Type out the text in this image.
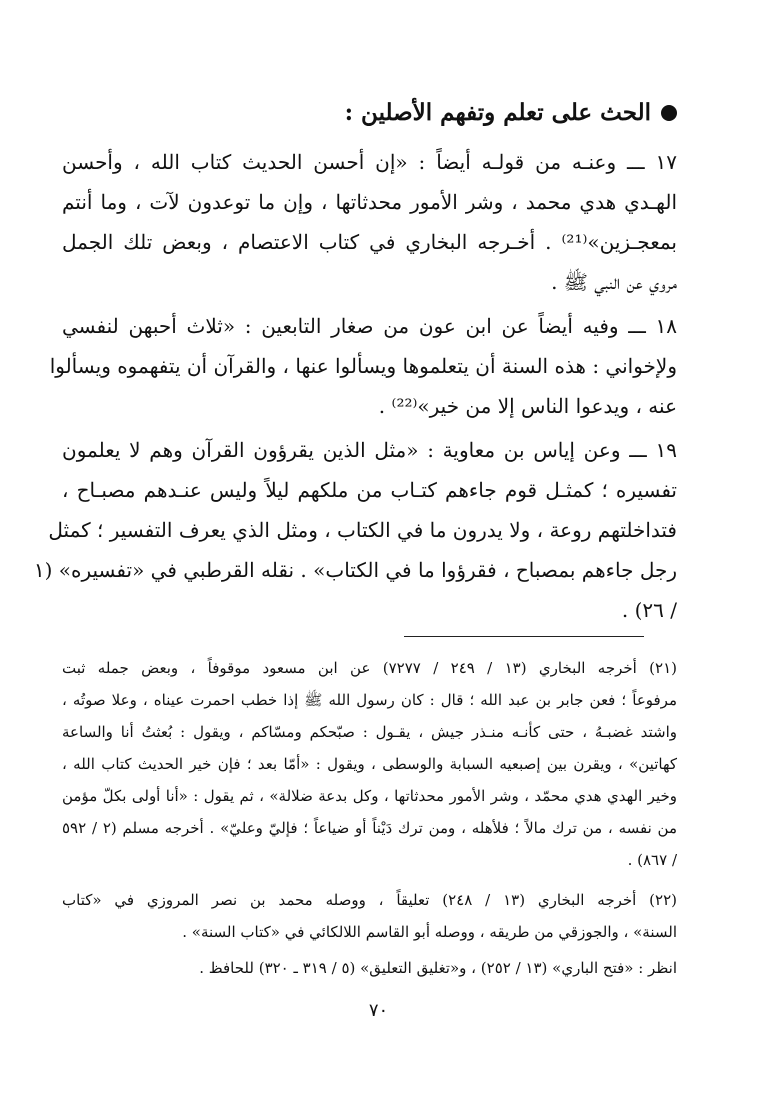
الحث على تعلم وتفهم الأصلين :
١٧ ـــ وعنـه من قولـه أيضاً : «إن أحسن الحديث كتاب الله ، وأحسن
الهـدي هدي محمد ، وشر الأمور محدثاتها ، وإن ما توعدون لآت ، وما أنتم
بمعجـزين»⁽²¹⁾ . أخـرجه البخاري في كتاب الاعتصام ، وبعض تلك الجمل
مروي عن النبي ﷺ .
١٨ ـــ وفيه أيضاً عن ابن عون من صغار التابعين : «ثلاث أحبهن لنفسي
ولإخواني : هذه السنة أن يتعلموها ويسألوا عنها ، والقرآن أن يتفهموه ويسألوا
عنه ، ويدعوا الناس إلا من خير»⁽²²⁾ .
١٩ ـــ وعن إياس بن معاوية : «مثل الذين يقرؤون القرآن وهم لا يعلمون
تفسيره ؛ كمثـل قوم جاءهم كتـاب من ملكهم ليلاً وليس عنـدهم مصبـاح ،
فتداخلتهم روعة ، ولا يدرون ما في الكتاب ، ومثل الذي يعرف التفسير ؛ كمثل
رجل جاءهم بمصباح ، فقرؤوا ما في الكتاب» . نقله القرطبي في «تفسيره» (١
/ ٢٦) .
(٢١) أخرجه البخاري (١٣ / ٢٤٩ / ٧٢٧٧) عن ابن مسعود موقوفاً ، وبعض جمله ثبت
مرفوعاً ؛ فعن جابر بن عبد الله ؛ قال : كان رسول الله ﷺ إذا خطب احمرت عيناه ، وعلا صوتُه ،
واشتد غضبـهُ ، حتى كأنـه منـذر جيش ، يقـول : صبّحكم ومسّاكم ، ويقول : بُعثتُ أنا والساعة
كهاتين» ، ويقرن بين إصبعيه السبابة والوسطى ، ويقول : «أمّا بعد ؛ فإن خير الحديث كتاب الله ،
وخير الهدي هدي محمّد ، وشر الأمور محدثاتها ، وكل بدعة ضلالة» ، ثم يقول : «أنا أولى بكلّ مؤمن
من نفسه ، من ترك مالاً ؛ فلأهله ، ومن ترك دَيْناً أو ضياعاً ؛ فإليّ وعليّ» . أخرجه مسلم (٢ / ٥٩٢
/ ٨٦٧) .
(٢٢) أخرجه البخاري (١٣ / ٢٤٨) تعليقاً ، ووصله محمد بن نصر المروزي في «كتاب
السنة» ، والجوزقي من طريقه ، ووصله أبو القاسم اللالكائي في «كتاب السنة» .
انظر : «فتح الباري» (١٣ / ٢٥٢) ، و«تغليق التعليق» (٥ / ٣١٩ ـ ٣٢٠) للحافظ .
٧٠
